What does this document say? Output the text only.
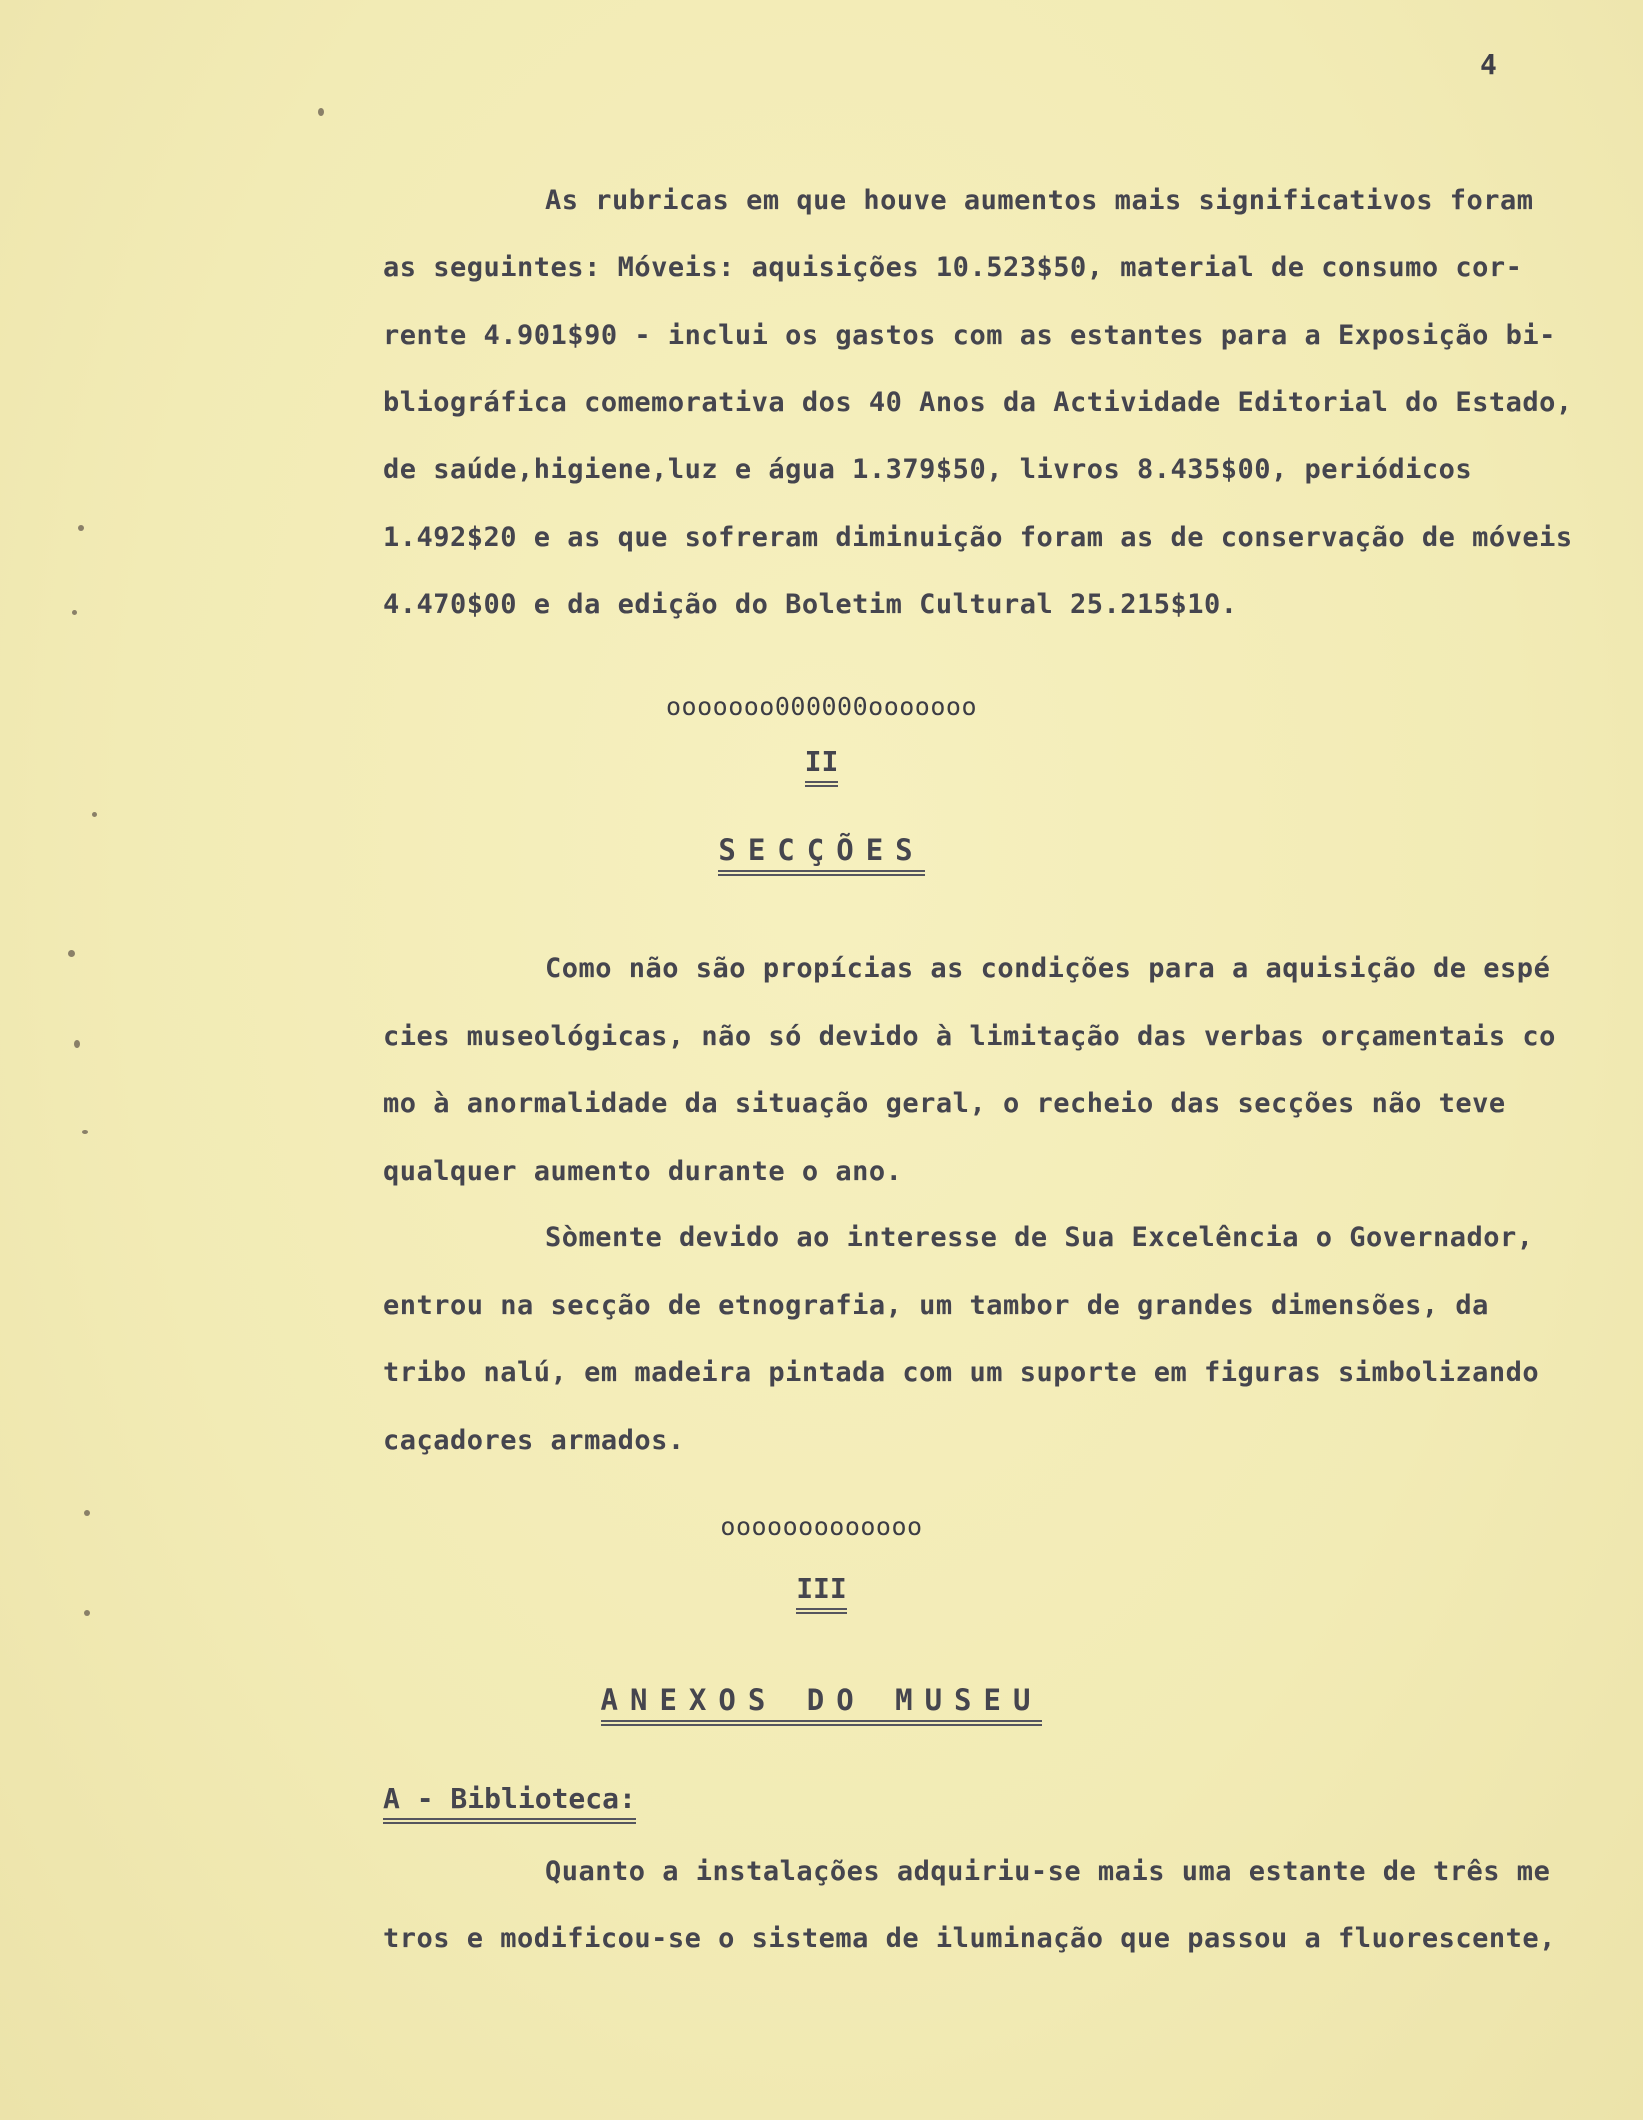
4
As rubricas em que houve aumentos mais significativos foram
as seguintes: Móveis: aquisições 10.523$50, material de consumo cor-
rente 4.901$90 - inclui os gastos com as estantes para a Exposição bi-
bliográfica comemorativa dos 40 Anos da Actividade Editorial do Estado,
de saúde,higiene,luz e água 1.379$50, livros 8.435$00, periódicos
1.492$20 e as que sofreram diminuição foram as de conservação de móveis
4.470$00 e da edição do Boletim Cultural 25.215$10.
ooooooo000000ooooooo
II
SECÇÕES
Como não são propícias as condições para a aquisição de espé
cies museológicas, não só devido à limitação das verbas orçamentais co
mo à anormalidade da situação geral, o recheio das secções não teve
qualquer aumento durante o ano.
Sòmente devido ao interesse de Sua Excelência o Governador,
entrou na secção de etnografia, um tambor de grandes dimensões, da
tribo nalú, em madeira pintada com um suporte em figuras simbolizando
caçadores armados.
ooooooooooooo
III
ANEXOS DO MUSEU
A - Biblioteca:
Quanto a instalações adquiriu-se mais uma estante de três me
tros e modificou-se o sistema de iluminação que passou a fluorescente,
